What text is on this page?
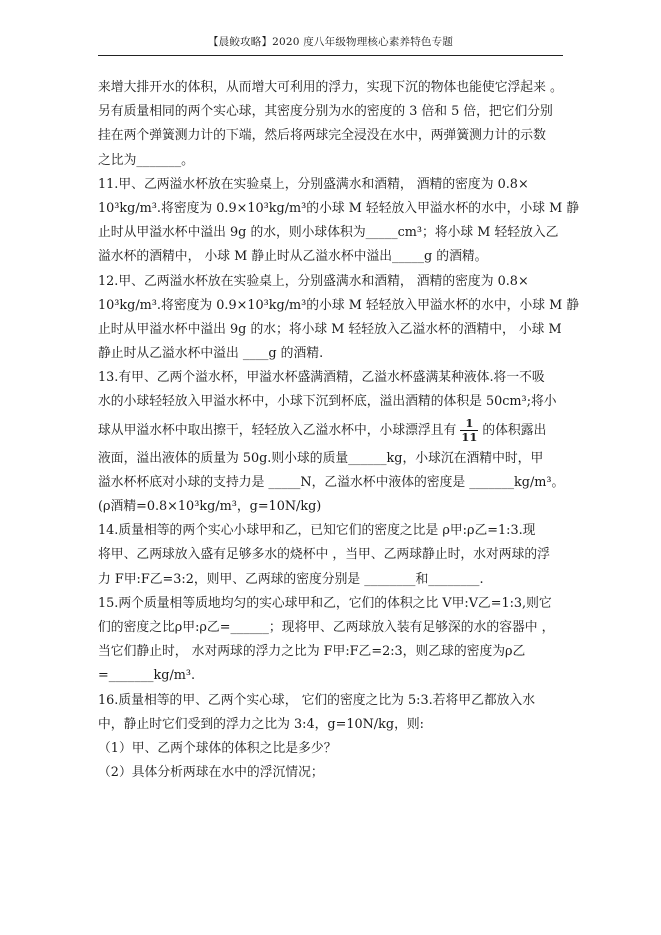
【晨鲛攻略】2020 度八年级物理核心素养特色专题
来增大排开水的体积，从而增大可利用的浮力，实现下沉的物体也能使它浮起来 。
另有质量相同的两个实心球，其密度分别为水的密度的 3 倍和 5 倍，把它们分别
挂在两个弹簧测力计的下端，然后将两球完全浸没在水中，两弹簧测力计的示数
之比为_______。
11.甲、乙两溢水杯放在实验桌上，分别盛满水和酒精， 酒精的密度为 0.8×
10³kg/m³.将密度为 0.9×10³kg/m³的小球 M 轻轻放入甲溢水杯的水中，小球 M 静
止时从甲溢水杯中溢出 9g 的水，则小球体积为_____cm³；将小球 M 轻轻放入乙
溢水杯的酒精中， 小球 M 静止时从乙溢水杯中溢出_____g 的酒精。
12.甲、乙两溢水杯放在实验桌上，分别盛满水和酒精， 酒精的密度为 0.8×
10³kg/m³.将密度为 0.9×10³kg/m³的小球 M 轻轻放入甲溢水杯的水中，小球 M 静
止时从甲溢水杯中溢出 9g 的水；将小球 M 轻轻放入乙溢水杯的酒精中， 小球 M
静止时从乙溢水杯中溢出 ____g 的酒精.
13.有甲、乙两个溢水杯，甲溢水杯盛满酒精，乙溢水杯盛满某种液体.将一不吸
水的小球轻轻放入甲溢水杯中，小球下沉到杯底，溢出酒精的体积是 50cm³;将小
球从甲溢水杯中取出擦干，轻轻放入乙溢水杯中，小球漂浮且有 $\frac{1}{11}$ 的体积露出
液面，溢出液体的质量为 50g.则小球的质量______kg，小球沉在酒精中时，甲
溢水杯杯底对小球的支持力是 _____N，乙溢水杯中液体的密度是 _______kg/m³。
(ρ酒精=0.8×10³kg/m³，g=10N/kg)
14.质量相等的两个实心小球甲和乙，已知它们的密度之比是 ρ甲:ρ乙=1:3.现
将甲、乙两球放入盛有足够多水的烧杯中 ，当甲、乙两球静止时，水对两球的浮
力 F甲:F乙=3:2，则甲、乙两球的密度分别是 ________和________.
15.两个质量相等质地均匀的实心球甲和乙，它们的体积之比 V甲:V乙=1:3,则它
们的密度之比ρ甲:ρ乙=______；现将甲、乙两球放入装有足够深的水的容器中 ，
当它们静止时， 水对两球的浮力之比为 F甲:F乙=2:3，则乙球的密度为ρ乙
=_______kg/m³.
16.质量相等的甲、乙两个实心球， 它们的密度之比为 5:3.若将甲乙都放入水
中，静止时它们受到的浮力之比为 3:4，g=10N/kg，则:
（1）甲、乙两个球体的体积之比是多少？
（2）具体分析两球在水中的浮沉情况；
